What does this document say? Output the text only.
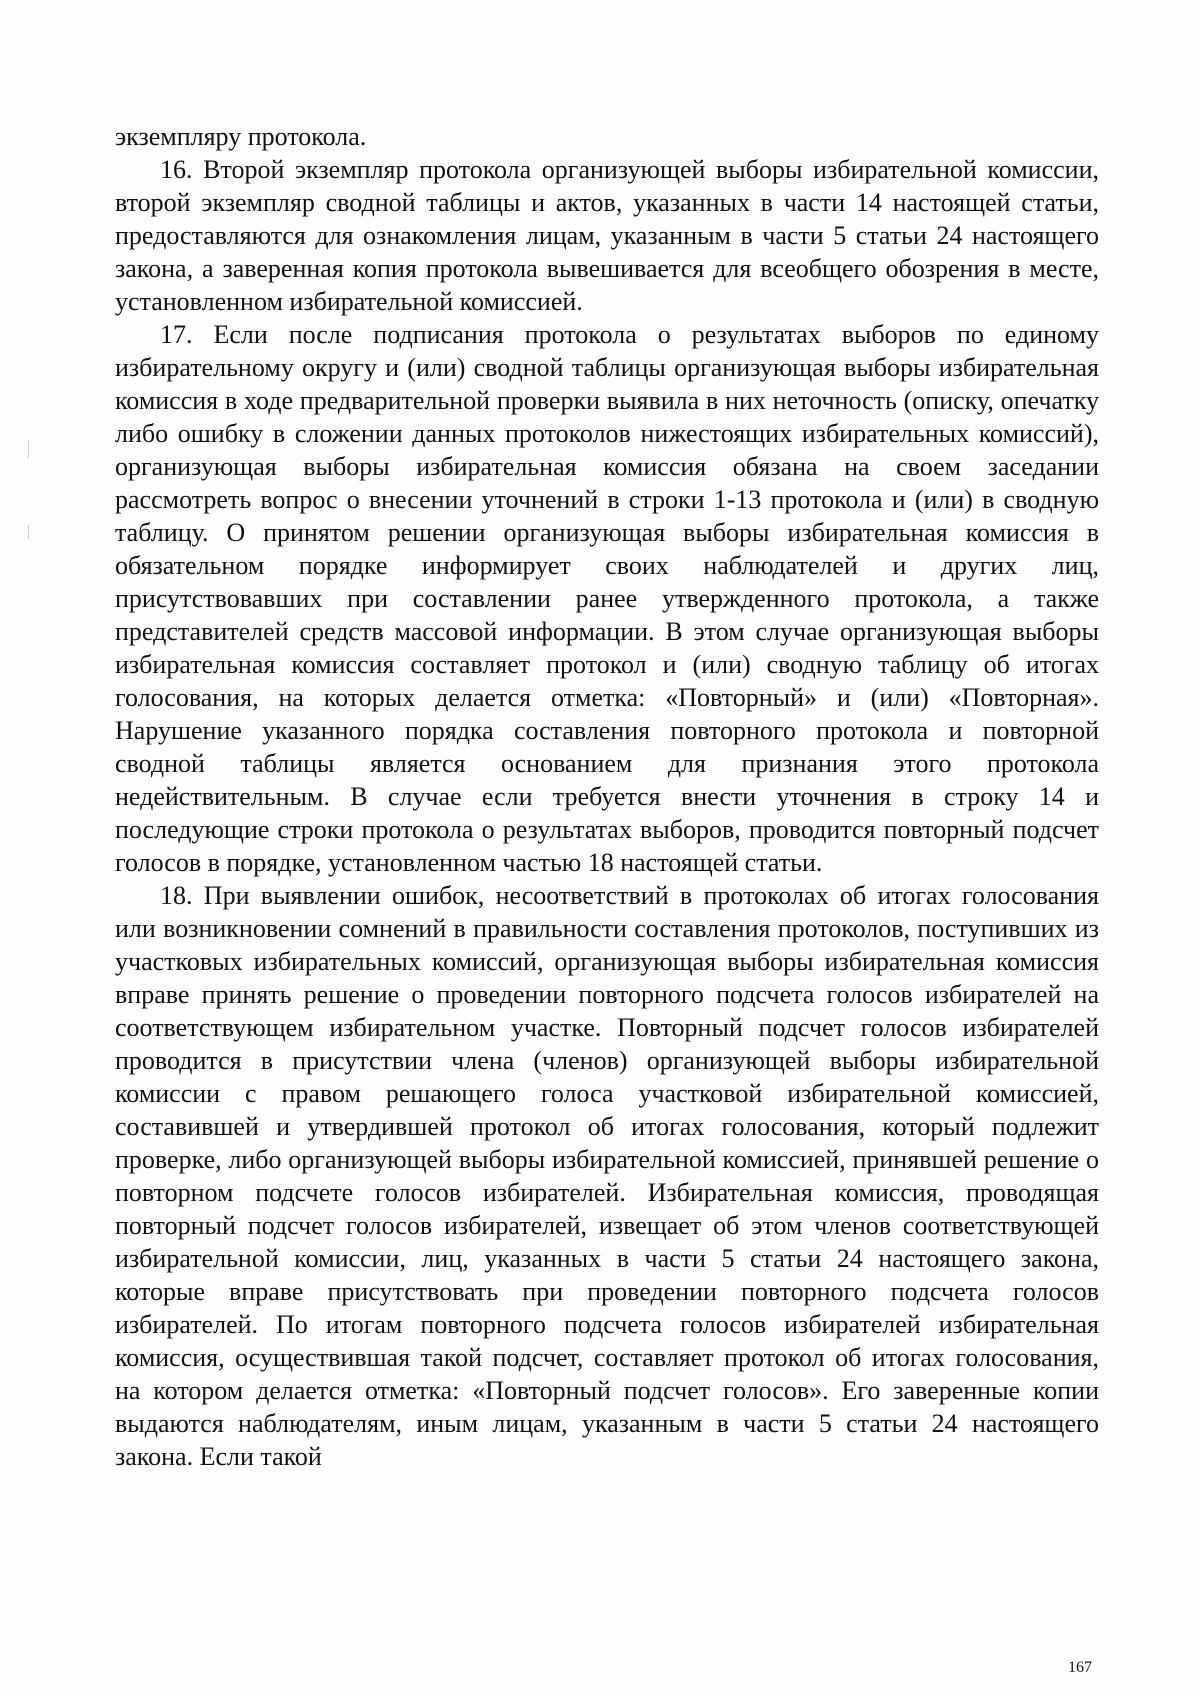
экземпляру протокола.

16. Второй экземпляр протокола организующей выборы избирательной комиссии, второй экземпляр сводной таблицы и актов, указанных в части 14 настоящей статьи, предоставляются для ознакомления лицам, указанным в части 5 статьи 24 настоящего закона, а заверенная копия протокола вывешивается для всеобщего обозрения в месте, установленном избирательной комиссией.

17. Если после подписания протокола о результатах выборов по единому избирательному округу и (или) сводной таблицы организующая выборы избирательная комиссия в ходе предварительной проверки выявила в них неточность (описку, опечатку либо ошибку в сложении данных протоколов нижестоящих избирательных комиссий), организующая выборы избирательная комиссия обязана на своем заседании рассмотреть вопрос о внесении уточнений в строки 1-13 протокола и (или) в сводную таблицу. О принятом решении организующая выборы избирательная комиссия в обязательном порядке информирует своих наблюдателей и других лиц, присутствовавших при составлении ранее утвержденного протокола, а также представителей средств массовой информации. В этом случае организующая выборы избирательная комиссия составляет протокол и (или) сводную таблицу об итогах голосования, на которых делается отметка: «Повторный» и (или) «Повторная». Нарушение указанного порядка составления повторного протокола и повторной сводной таблицы является основанием для признания этого протокола недействительным. В случае если требуется внести уточнения в строку 14 и последующие строки протокола о результатах выборов, проводится повторный подсчет голосов в порядке, установленном частью 18 настоящей статьи.

18. При выявлении ошибок, несоответствий в протоколах об итогах голосования или возникновении сомнений в правильности составления протоколов, поступивших из участковых избирательных комиссий, организующая выборы избирательная комиссия вправе принять решение о проведении повторного подсчета голосов избирателей на соответствующем избирательном участке. Повторный подсчет голосов избирателей проводится в присутствии члена (членов) организующей выборы избирательной комиссии с правом решающего голоса участковой избирательной комиссией, составившей и утвердившей протокол об итогах голосования, который подлежит проверке, либо организующей выборы избирательной комиссией, принявшей решение о повторном подсчете голосов избирателей. Избирательная комиссия, проводящая повторный подсчет голосов избирателей, извещает об этом членов соответствующей избирательной комиссии, лиц, указанных в части 5 статьи 24 настоящего закона, которые вправе присутствовать при проведении повторного подсчета голосов избирателей. По итогам повторного подсчета голосов избирателей избирательная комиссия, осуществившая такой подсчет, составляет протокол об итогах голосования, на котором делается отметка: «Повторный подсчет голосов». Его заверенные копии выдаются наблюдателям, иным лицам, указанным в части 5 статьи 24 настоящего закона. Если такой

167
